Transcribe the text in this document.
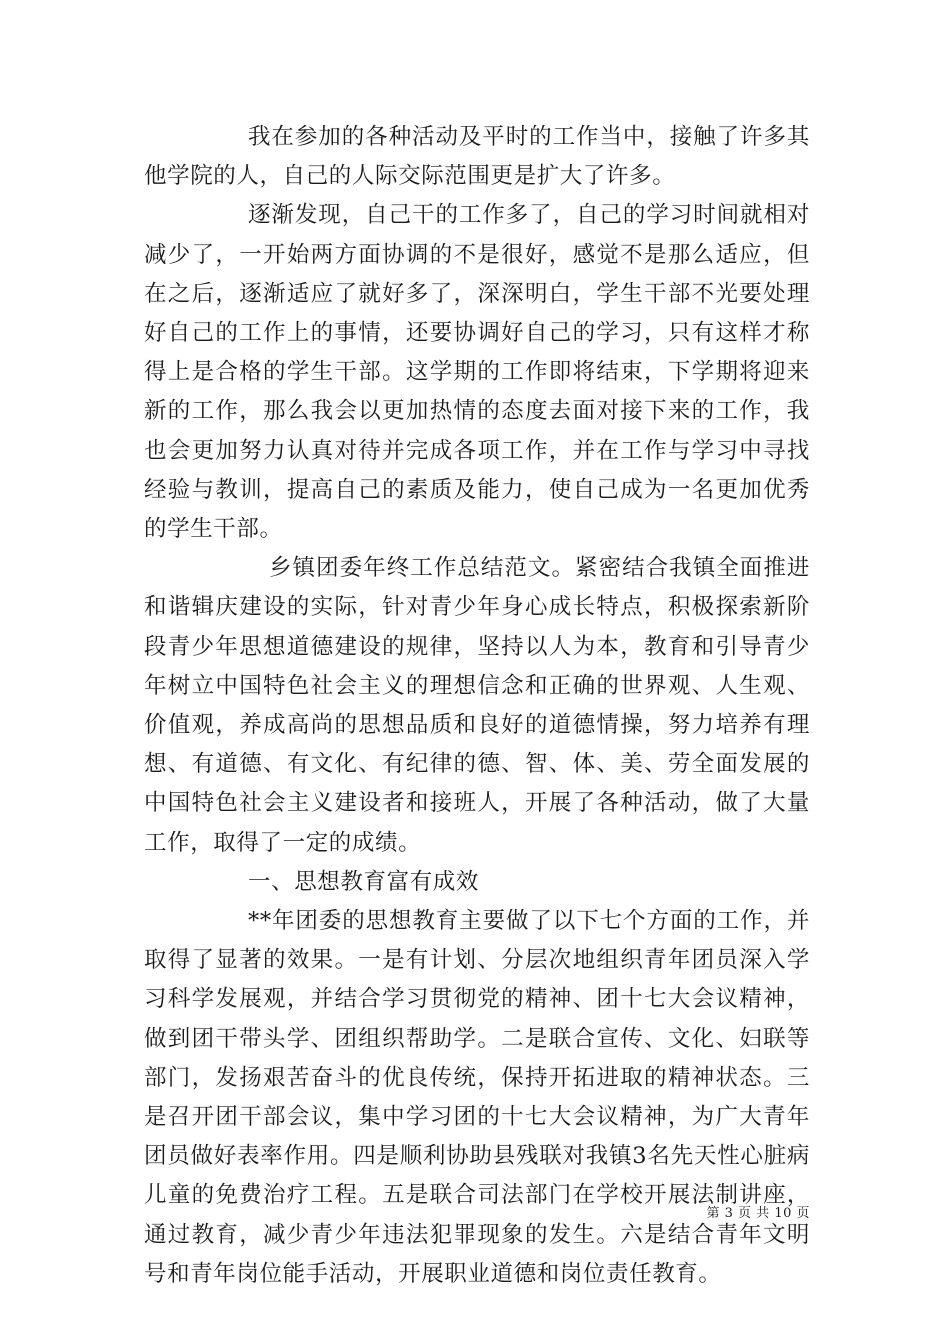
我在参加的各种活动及平时的工作当中，接触了许多其他学院的人，自己的人际交际范围更是扩大了许多。

逐渐发现，自己干的工作多了，自己的学习时间就相对减少了，一开始两方面协调的不是很好，感觉不是那么适应，但在之后，逐渐适应了就好多了，深深明白，学生干部不光要处理好自己的工作上的事情，还要协调好自己的学习，只有这样才称得上是合格的学生干部。这学期的工作即将结束，下学期将迎来新的工作，那么我会以更加热情的态度去面对接下来的工作，我也会更加努力认真对待并完成各项工作，并在工作与学习中寻找经验与教训，提高自己的素质及能力，使自己成为一名更加优秀的学生干部。

乡镇团委年终工作总结范文。紧密结合我镇全面推进和谐辑庆建设的实际，针对青少年身心成长特点，积极探索新阶段青少年思想道德建设的规律，坚持以人为本，教育和引导青少年树立中国特色社会主义的理想信念和正确的世界观、人生观、价值观，养成高尚的思想品质和良好的道德情操，努力培养有理想、有道德、有文化、有纪律的德、智、体、美、劳全面发展的中国特色社会主义建设者和接班人，开展了各种活动，做了大量工作，取得了一定的成绩。

一、思想教育富有成效

**年团委的思想教育主要做了以下七个方面的工作，并取得了显著的效果。一是有计划、分层次地组织青年团员深入学习科学发展观，并结合学习贯彻党的精神、团十七大会议精神，做到团干带头学、团组织帮助学。二是联合宣传、文化、妇联等部门，发扬艰苦奋斗的优良传统，保持开拓进取的精神状态。三是召开团干部会议，集中学习团的十七大会议精神，为广大青年团员做好表率作用。四是顺利协助县残联对我镇3名先天性心脏病儿童的免费治疗工程。五是联合司法部门在学校开展法制讲座，通过教育，减少青少年违法犯罪现象的发生。六是结合青年文明号和青年岗位能手活动，开展职业道德和岗位责任教育。

第 3 页 共 10 页
